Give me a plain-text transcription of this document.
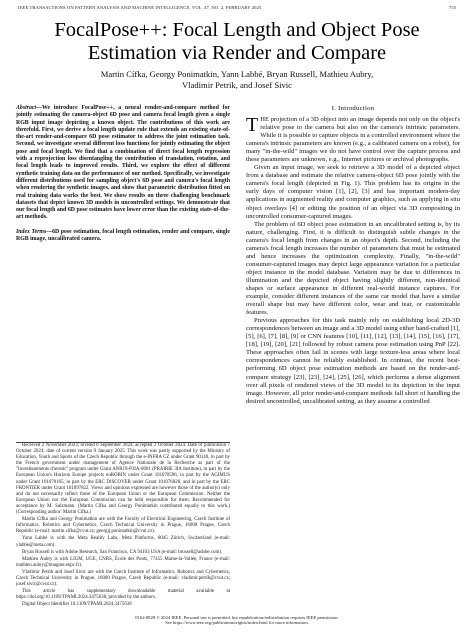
IEEE TRANSACTIONS ON PATTERN ANALYSIS AND MACHINE INTELLIGENCE, VOL. 47, NO. 2, FEBRUARY 2025	755
FocalPose++: Focal Length and Object Pose
Estimation via Render and Compare
Martin Cífka, Georgy Ponimatkin, Yann Labbé, Bryan Russell, Mathieu Aubry,
Vladimir Petrik, and Josef Sivic
Abstract—We introduce FocalPose++, a neural render-and-compare method for jointly estimating the camera-object 6D pose and camera focal length given a single RGB input image depicting a known object. The contributions of this work are threefold. First, we derive a focal length update rule that extends an existing state-of-the-art render-and-compare 6D pose estimator to address the joint estimation task. Second, we investigate several different loss functions for jointly estimating the object pose and focal length. We find that a combination of direct focal length regression with a reprojection loss disentangling the contribution of translation, rotation, and focal length leads to improved results. Third, we explore the effect of different synthetic training data on the performance of our method. Specifically, we investigate different distributions used for sampling object's 6D pose and camera's focal length when rendering the synthetic images, and show that parametric distribution fitted on real training data works the best. We show results on three challenging benchmark datasets that depict known 3D models in uncontrolled settings. We demonstrate that our focal length and 6D pose estimates have lower error than the existing state-of-the-art methods.
Index Terms—6D pose estimation, focal length estimation, render and compare, single RGB image, uncalibrated camera.

Received 2 November 2023; revised 6 September 2024; accepted 2 October 2024. Date of publication 7 October 2024; date of current version 9 January 2025. This work was partly supported by the Ministry of Education, Youth and Sports of the Czech Republic through the e-INFRA CZ under Grant 90140, in part by the French government under management of Agence Nationale de la Recherche as part of the "Investissements d'avenir" program under Grant ANR19-P3IA-0001 (PRAIRIE 3IA Institute), in part by the European Union's Horizon Europe projects euROBIN under Grant 101070596, in part by the AGIMUS under Grant 101070165, in part by the ERC DISCOVER under Grant 101076028, and in part by the ERC FRONTIER under Grant 101097822. Views and opinions expressed are however those of the author(s) only and do not necessarily reflect those of the European Union or the European Commission. Neither the European Union nor the European Commission can be held responsible for them. Recommended for acceptance by M. Salzmann. (Martin Cífka and Georgy Ponimatkin contributed equally to this work.) (Corresponding author: Martin Cífka.)

Martin Cífka and Georgy Ponimatkin are with the Faculty of Electrical Engineering, Czech Institute of Informatics, Robotics and Cybernetics, Czech Technical University in Prague, 16000 Prague, Czech Republic (e-mail: martin.cifka@cvut.cz; georgij.ponimatkin@cvut.cz).

Yann Labbé is with the Meta Reality Labs, Meta Platforms, 8045 Zürich, Switzerland (e-mail: ylabbe@meta.com).

Bryan Russell is with Adobe Research, San Francisco, CA 94103 USA (e-mail: brussell@adobe.com).

Mathieu Aubry is with LIGM, UGE, CNRS, École des Ponts, 77455 Marne-la-Vallée, France (e-mail: mathieu.aubry@imagine.enpc.fr).

Vladimir Petrik and Josef Sivic are with the Czech Institute of Informatics, Robotics and Cybernetics, Czech Technical University in Prague, 16000 Prague, Czech Republic (e-mail: vladimir.petrik@cvut.cz; josef.sivic@cvut.cz).

This article has supplementary downloadable material available at https://doi.org/10.1109/TPAMI.2024.3475638, provided by the authors.

Digital Object Identifier 10.1109/TPAMI.2024.3475638

I. Introduction

THE projection of a 3D object into an image depends not only on the object's relative pose to the camera but also on the camera's intrinsic parameters. While it is possible to capture objects in a controlled environment where the camera's intrinsic parameters are known (e.g., a calibrated camera on a robot), for many "in-the-wild" images we do not have control over the capture process and these parameters are unknown, e.g., Internet pictures or archival photographs.

Given an input image, we seek to retrieve a 3D model of a depicted object from a database and estimate the relative camera-object 6D pose jointly with the camera's focal length (depicted in Fig. 1). This problem has its origins in the early days of computer vision [1], [2], [3] and has important modern-day applications in augmented reality and computer graphics, such as applying in situ object overlays [4] or editing the position of an object via 3D compositing in uncontrolled consumer-captured images.

The problem of 6D object pose estimation in an uncalibrated setting is, by its nature, challenging. First, it is difficult to distinguish subtle changes in the camera's focal length from changes in an object's depth. Second, including the camera's focal length increases the number of parameters that must be estimated and hence increases the optimization complexity. Finally, "in-the-wild" consumer-captured images may depict large appearance variation for a particular object instance in the model database. Variation may be due to differences in illumination and the depicted object having slightly different, non-identical shapes or surface appearance in different real-world instance captures. For example, consider different instances of the same car model that have a similar overall shape but may have different color, wear and tear, or customizable features.

Previous approaches for this task mainly rely on establishing local 2D-3D correspondences between an image and a 3D model using either hand-crafted [1], [5], [6], [7], [8], [9] or CNN features [10], [11], [12], [13], [14], [15], [16], [17], [18], [19], [20], [21] followed by robust camera pose estimation using PnP [22]. These approaches often fail in scenes with large texture-less areas where local correspondences cannot be reliably established. In contrast, the recent best-performing 6D object pose estimation methods are based on the render-and-compare strategy [23], [23], [24], [25], [26], which performs a dense alignment over all pixels of rendered views of the 3D model to its depiction in the input image. However, all prior render-and-compare methods fall short of handling the desired uncontrolled, uncalibrated setting, as they assume a controlled

0162-8828 © 2024 IEEE. Personal use is permitted, but republication/redistribution requires IEEE permission.
See https://www.ieee.org/publications/rights/index.html for more information.
